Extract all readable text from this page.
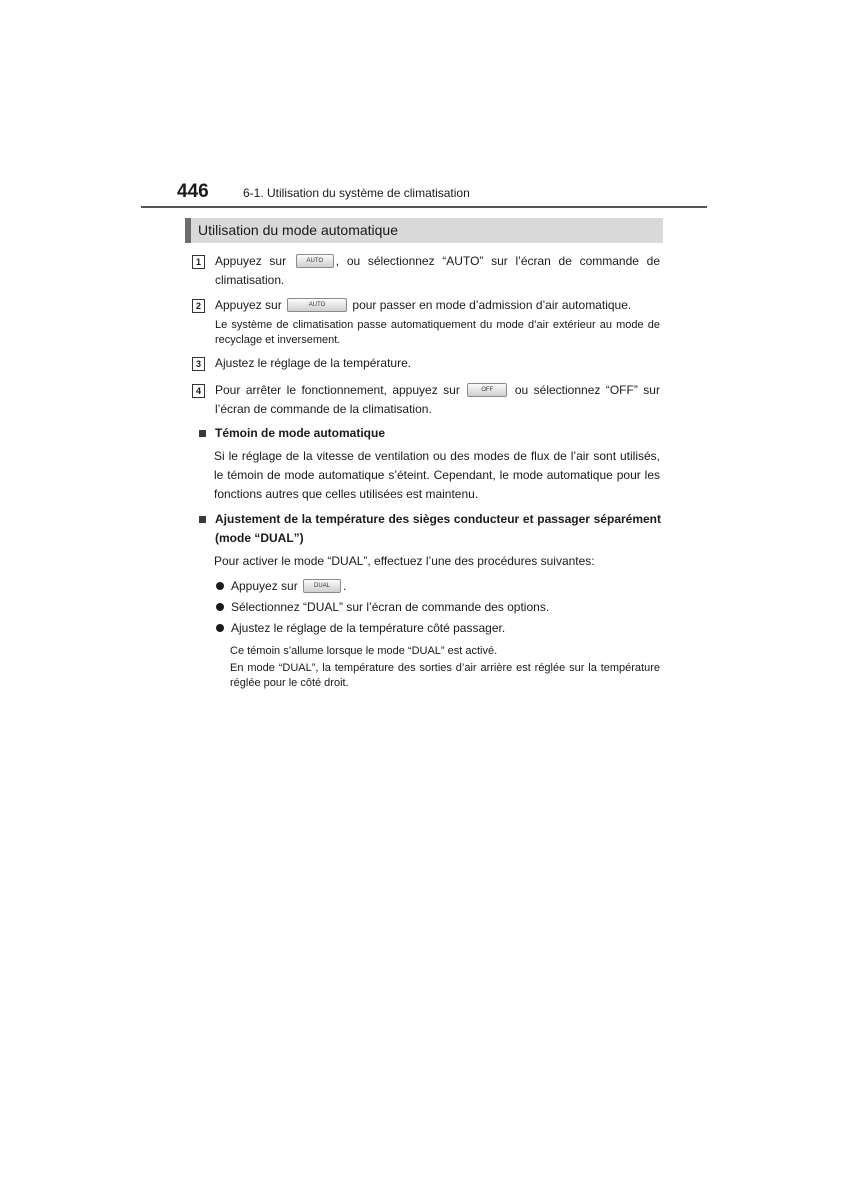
446	6-1. Utilisation du système de climatisation
Utilisation du mode automatique
1	Appuyez sur	AUTO , ou sélectionnez “AUTO” sur l’écran de commande de climatisation.
2	Appuyez sur	AUTO pour passer en mode d’admission d’air automatique.
Le système de climatisation passe automatiquement du mode d’air extérieur au mode de recyclage et inversement.
3	Ajustez le réglage de la température.
4	Pour arrêter le fonctionnement, appuyez sur	OFF ou sélectionnez “OFF” sur l’écran de commande de la climatisation.
Témoin de mode automatique
Si le réglage de la vitesse de ventilation ou des modes de flux de l’air sont utilisés, le témoin de mode automatique s’éteint. Cependant, le mode automatique pour les fonctions autres que celles utilisées est maintenu.
Ajustement de la température des sièges conducteur et passager séparément (mode “DUAL”)
Pour activer le mode “DUAL”, effectuez l’une des procédures suivantes:
Appuyez sur	DUAL .
Sélectionnez “DUAL” sur l’écran de commande des options.
Ajustez le réglage de la température côté passager.
Ce témoin s’allume lorsque le mode “DUAL” est activé.
En mode “DUAL”, la température des sorties d’air arrière est réglée sur la température réglée pour le côté droit.
